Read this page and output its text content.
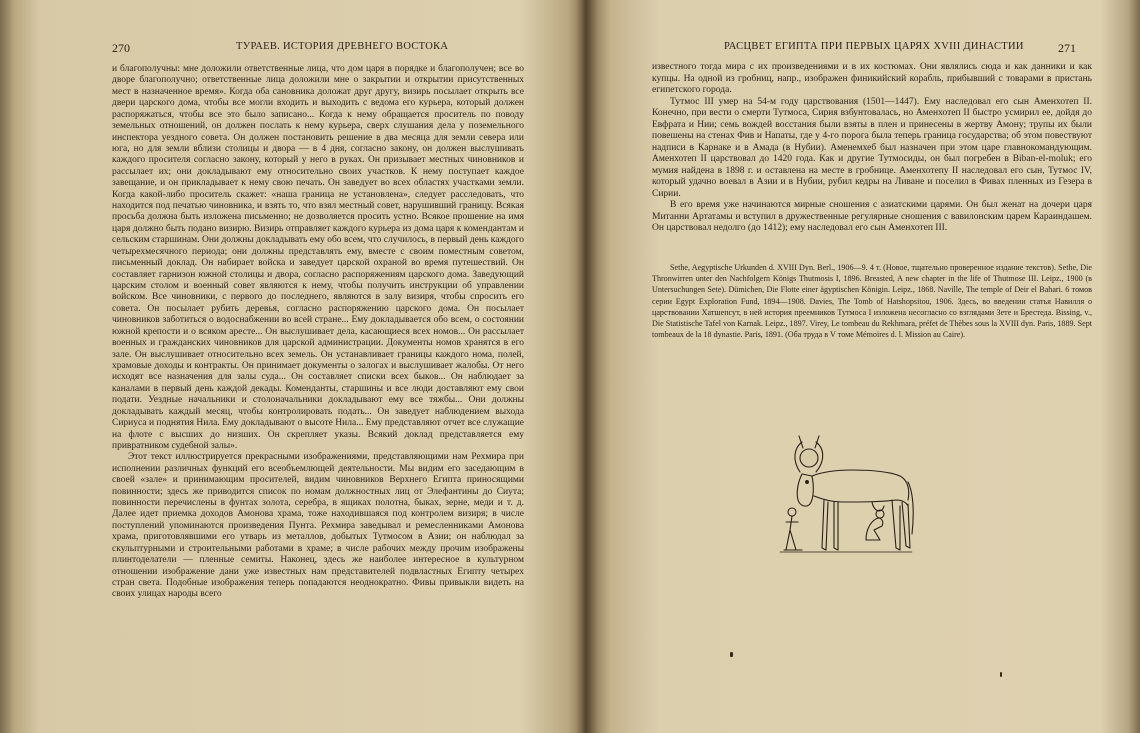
270	ТУРАЕВ. ИСТОРИЯ ДРЕВНЕГО ВОСТОКА

и благополучны: мне доложили ответственные лица, что дом царя в порядке и благополучен; все во дворе благополучно; ответственные лица доложили мне о закрытии и открытии присутственных мест в назначенное время». Когда оба сановника доложат друг другу, визирь посылает открыть все двери царского дома, чтобы все могли входить и выходить с ведома его курьера, который должен распоряжаться, чтобы все это было записано... Когда к нему обращается проситель по поводу земельных отношений, он должен послать к нему курьера, сверх слушания дела у поземельного инспектора уездного совета. Он должен постановить решение в два месяца для земли севера или юга, но для земли вблизи столицы и двора — в 4 дня, согласно закону, он должен выслушивать каждого просителя согласно закону, который у него в руках. Он призывает местных чиновников и рассылает их; они докладывают ему относительно своих участков. К нему поступает каждое завещание, и он прикладывает к нему свою печать. Он заведует во всех областях участками земли. Когда какой-либо проситель скажет: «наша граница не установлена», следует расследовать, что находится под печатью чиновника, и взять то, что взял местный совет, нарушивший границу. Всякая просьба должна быть изложена письменно; не дозволяется просить устно. Всякое прошение на имя царя должно быть подано визирю. Визирь отправляет каждого курьера из дома царя к комендантам и сельским старшинам. Они должны докладывать ему обо всем, что случилось, в первый день каждого четырехмесячного периода; они должны представлять ему, вместе с своим поместным советом, письменный доклад. Он набирает войска и заведует царской охраной во время путешествий. Он составляет гарнизон южной столицы и двора, согласно распоряжениям царского дома. Заведующий царским столом и военный совет являются к нему, чтобы получить инструкции об управлении войском. Все чиновники, с первого до последнего, являются в залу визиря, чтобы спросить его совета. Он посылает рубить деревья, согласно распоряжению царского дома. Он посылает чиновников заботиться о водоснабжении во всей стране... Ему докладывается обо всем, о состоянии южной крепости и о всяком аресте... Он выслушивает дела, касающиеся всех номов... Он рассылает военных и гражданских чиновников для царской администрации. Документы номов хранятся в его зале. Он выслушивает относительно всех земель. Он устанавливает границы каждого нома, полей, храмовые доходы и контракты. Он принимает документы о залогах и выслушивает жалобы. От него исходят все назначения для залы суда... Он составляет списки всех быков... Он наблюдает за каналами в первый день каждой декады. Коменданты, старшины и все люди доставляют ему свои подати. Уездные начальники и столоначальники докладывают ему все тяжбы... Они должны докладывать каждый месяц, чтобы контролировать подать... Он заведует наблюдением выхода Сириуса и поднятия Нила. Ему докладывают о высоте Нила... Ему представляют отчет все служащие на флоте с высших до низших. Он скрепляет указы. Всякий доклад представляется ему привратником судебной залы».

Этот текст иллюстрируется прекрасными изображениями, представляющими нам Рехмира при исполнении различных функций его всеобъемлющей деятельности. Мы видим его заседающим в своей «зале» и принимающим просителей, видим чиновников Верхнего Египта приносящими повинности; здесь же приводится список по номам должностных лиц от Элефантины до Сиута; повинности перечислены в фунтах золота, серебра, в ящиках полотна, быках, зерне, меди и т. д. Далее идет приемка доходов Амонова храма, тоже находившаяся под контролем визиря; в числе поступлений упоминаются произведения Пунта. Рехмира заведывал и ремесленниками Амонова храма, приготовлявшими его утварь из металлов, добытых Тутмосом в Азии; он наблюдал за скульптурными и строительными работами в храме; в числе рабочих между прочим изображены плинтоделатели — пленные семиты. Наконец, здесь же наиболее интересное в культурном отношении изображение дани уже известных нам представителей подвластных Египту четырех стран света. Подобные изображения теперь попадаются неоднократно. Фивы привыкли видеть на своих улицах народы всего

РАСЦВЕТ ЕГИПТА ПРИ ПЕРВЫХ ЦАРЯХ XVIII ДИНАСТИИ	271

известного тогда мира с их произведениями и в их костюмах. Они являлись сюда и как данники и как купцы. На одной из гробниц, напр., изображен финикийский корабль, прибывший с товарами в пристань египетского города.

Тутмос III умер на 54-м году царствования (1501—1447). Ему наследовал его сын Аменхотеп II. Конечно, при вести о смерти Тутмоса, Сирия взбунтовалась, но Аменхотеп II быстро усмирил ее, дойдя до Евфрата и Нии; семь вождей восстания были взяты в плен и принесены в жертву Амону; трупы их были повешены на стенах Фив и Напаты, где у 4-го порога была теперь граница государства; об этом повествуют надписи в Карнаке и в Амада (в Нубии). Аменемхеб был назначен при этом царе главнокомандующим. Аменхотеп II царствовал до 1420 года. Как и другие Тутмосиды, он был погребен в Biban-el-moluk; его мумия найдена в 1898 г. и оставлена на месте в гробнице. Аменхотепу II наследовал его сын, Тутмос IV, который удачно воевал в Азии и в Нубии, рубил кедры на Ливане и поселил в Фивах пленных из Гезера в Сирии.

В его время уже начинаются мирные сношения с азиатскими царями. Он был женат на дочери царя Митанни Артатамы и вступил в дружественные регулярные сношения с вавилонским царем Караиндашем. Он царствовал недолго (до 1412); ему наследовал его сын Аменхотеп III.

Sethe, Aegyptische Urkunden d. XVIII Dyn. Berl., 1906—9. 4 т. (Новое, тщательно проверенное издание текстов). Sethe, Die Thronwirren unter den Nachfolgern Königs Thutmosis I, 1896. Breasted, A new chapter in the life of Thutmose III. Leipz., 1900 (в Untersuchungen Sete). Dümichen, Die Flotte einer ägyptischen Königin. Leipz., 1868. Naville, The temple of Deir el Bahari. 6 томов серии Egypt Exploration Fund, 1894—1908. Davies, The Tomb of Hatshopsitou, 1906. Здесь, во введении статья Навилля о царствовании Хатшепсут, в ней история преемников Тутмоса I изложена несогласно со взглядами Зете и Брестеда. Bissing, v., Die Statistische Tafel von Karnak. Leipz., 1897. Virey, Le tombeau du Rekhmara, préfet de Thèbes sous la XVIII dyn. Paris, 1889. Sept tombeaux de la 18 dynastie. Paris, 1891. (Оба труда в V томе Mémoires d. l. Mission au Caire).
